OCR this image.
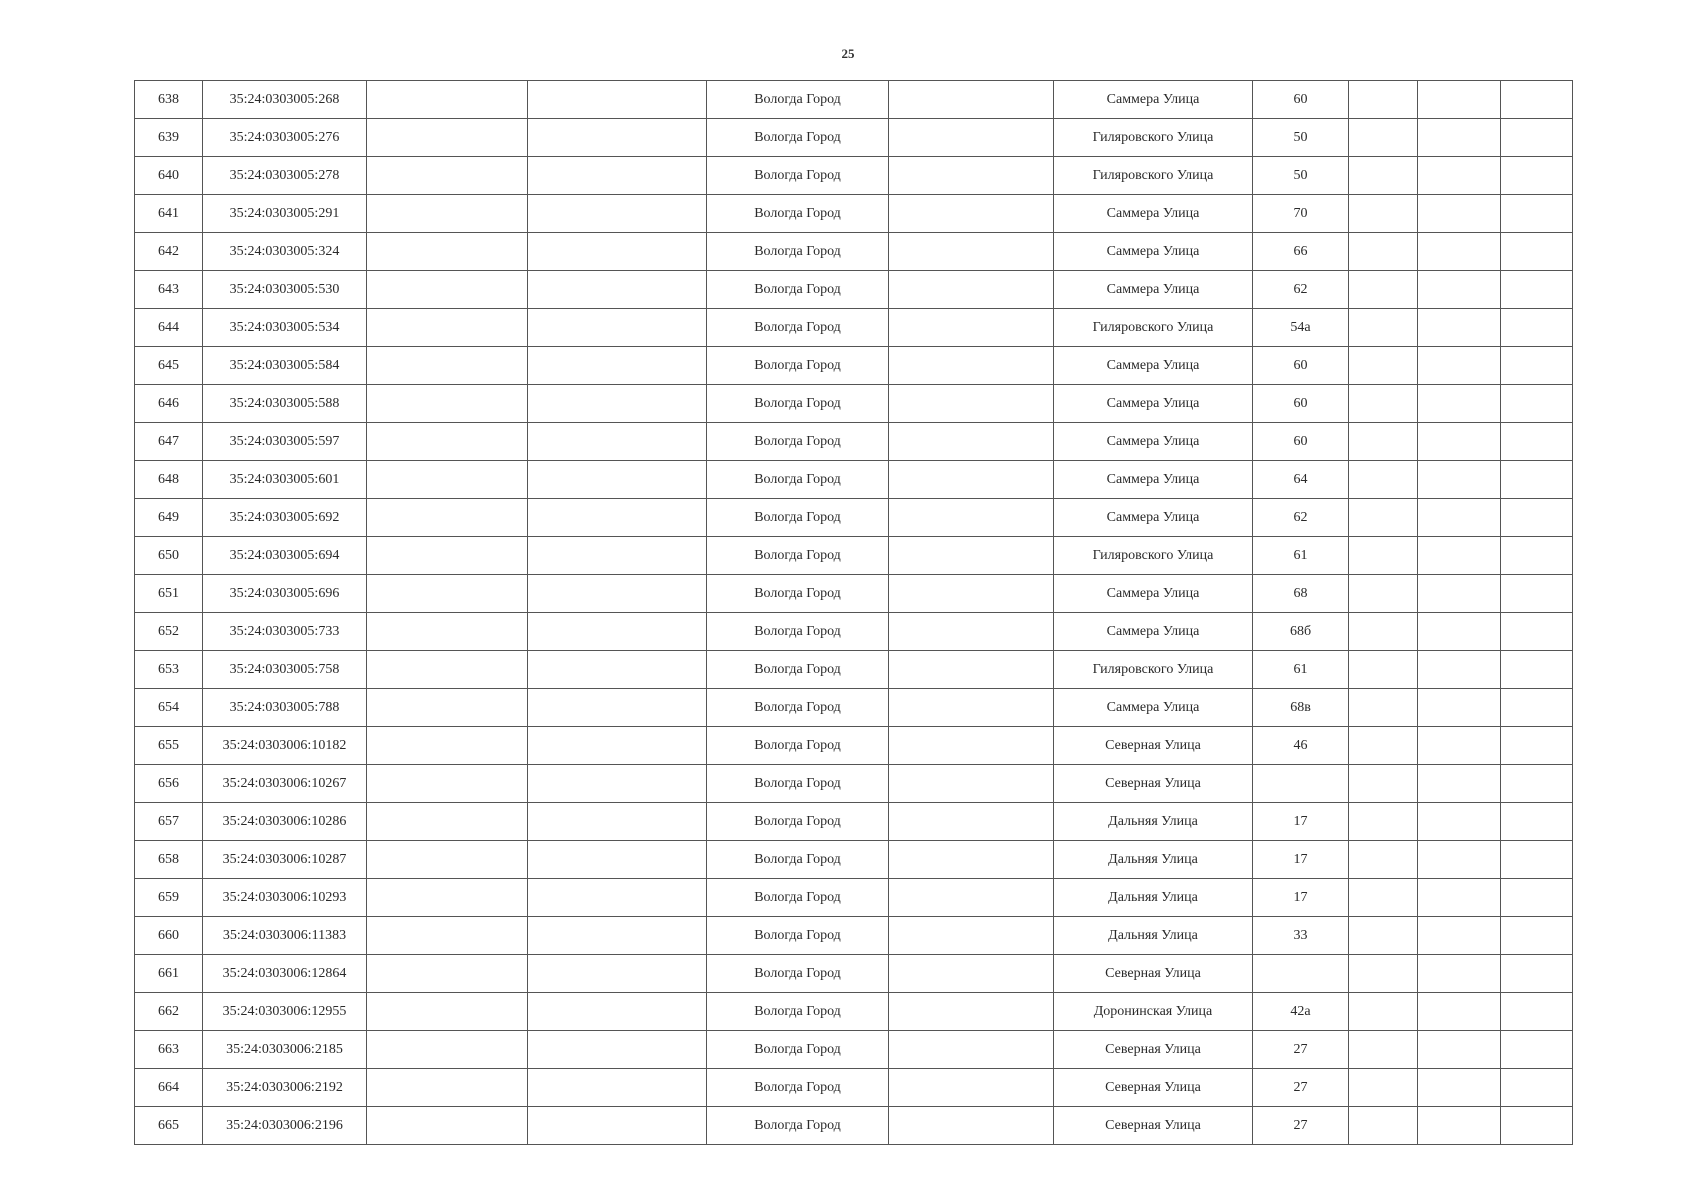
25
638	35:24:0303005:268			Вологда Город		Саммера Улица	60			
639	35:24:0303005:276			Вологда Город		Гиляровского Улица	50			
640	35:24:0303005:278			Вологда Город		Гиляровского Улица	50			
641	35:24:0303005:291			Вологда Город		Саммера Улица	70			
642	35:24:0303005:324			Вологда Город		Саммера Улица	66			
643	35:24:0303005:530			Вологда Город		Саммера Улица	62			
644	35:24:0303005:534			Вологда Город		Гиляровского Улица	54а			
645	35:24:0303005:584			Вологда Город		Саммера Улица	60			
646	35:24:0303005:588			Вологда Город		Саммера Улица	60			
647	35:24:0303005:597			Вологда Город		Саммера Улица	60			
648	35:24:0303005:601			Вологда Город		Саммера Улица	64			
649	35:24:0303005:692			Вологда Город		Саммера Улица	62			
650	35:24:0303005:694			Вологда Город		Гиляровского Улица	61			
651	35:24:0303005:696			Вологда Город		Саммера Улица	68			
652	35:24:0303005:733			Вологда Город		Саммера Улица	68б			
653	35:24:0303005:758			Вологда Город		Гиляровского Улица	61			
654	35:24:0303005:788			Вологда Город		Саммера Улица	68в			
655	35:24:0303006:10182			Вологда Город		Северная Улица	46			
656	35:24:0303006:10267			Вологда Город		Северная Улица				
657	35:24:0303006:10286			Вологда Город		Дальняя Улица	17			
658	35:24:0303006:10287			Вологда Город		Дальняя Улица	17			
659	35:24:0303006:10293			Вологда Город		Дальняя Улица	17			
660	35:24:0303006:11383			Вологда Город		Дальняя Улица	33			
661	35:24:0303006:12864			Вологда Город		Северная Улица				
662	35:24:0303006:12955			Вологда Город		Доронинская Улица	42а			
663	35:24:0303006:2185			Вологда Город		Северная Улица	27			
664	35:24:0303006:2192			Вологда Город		Северная Улица	27			
665	35:24:0303006:2196			Вологда Город		Северная Улица	27			
